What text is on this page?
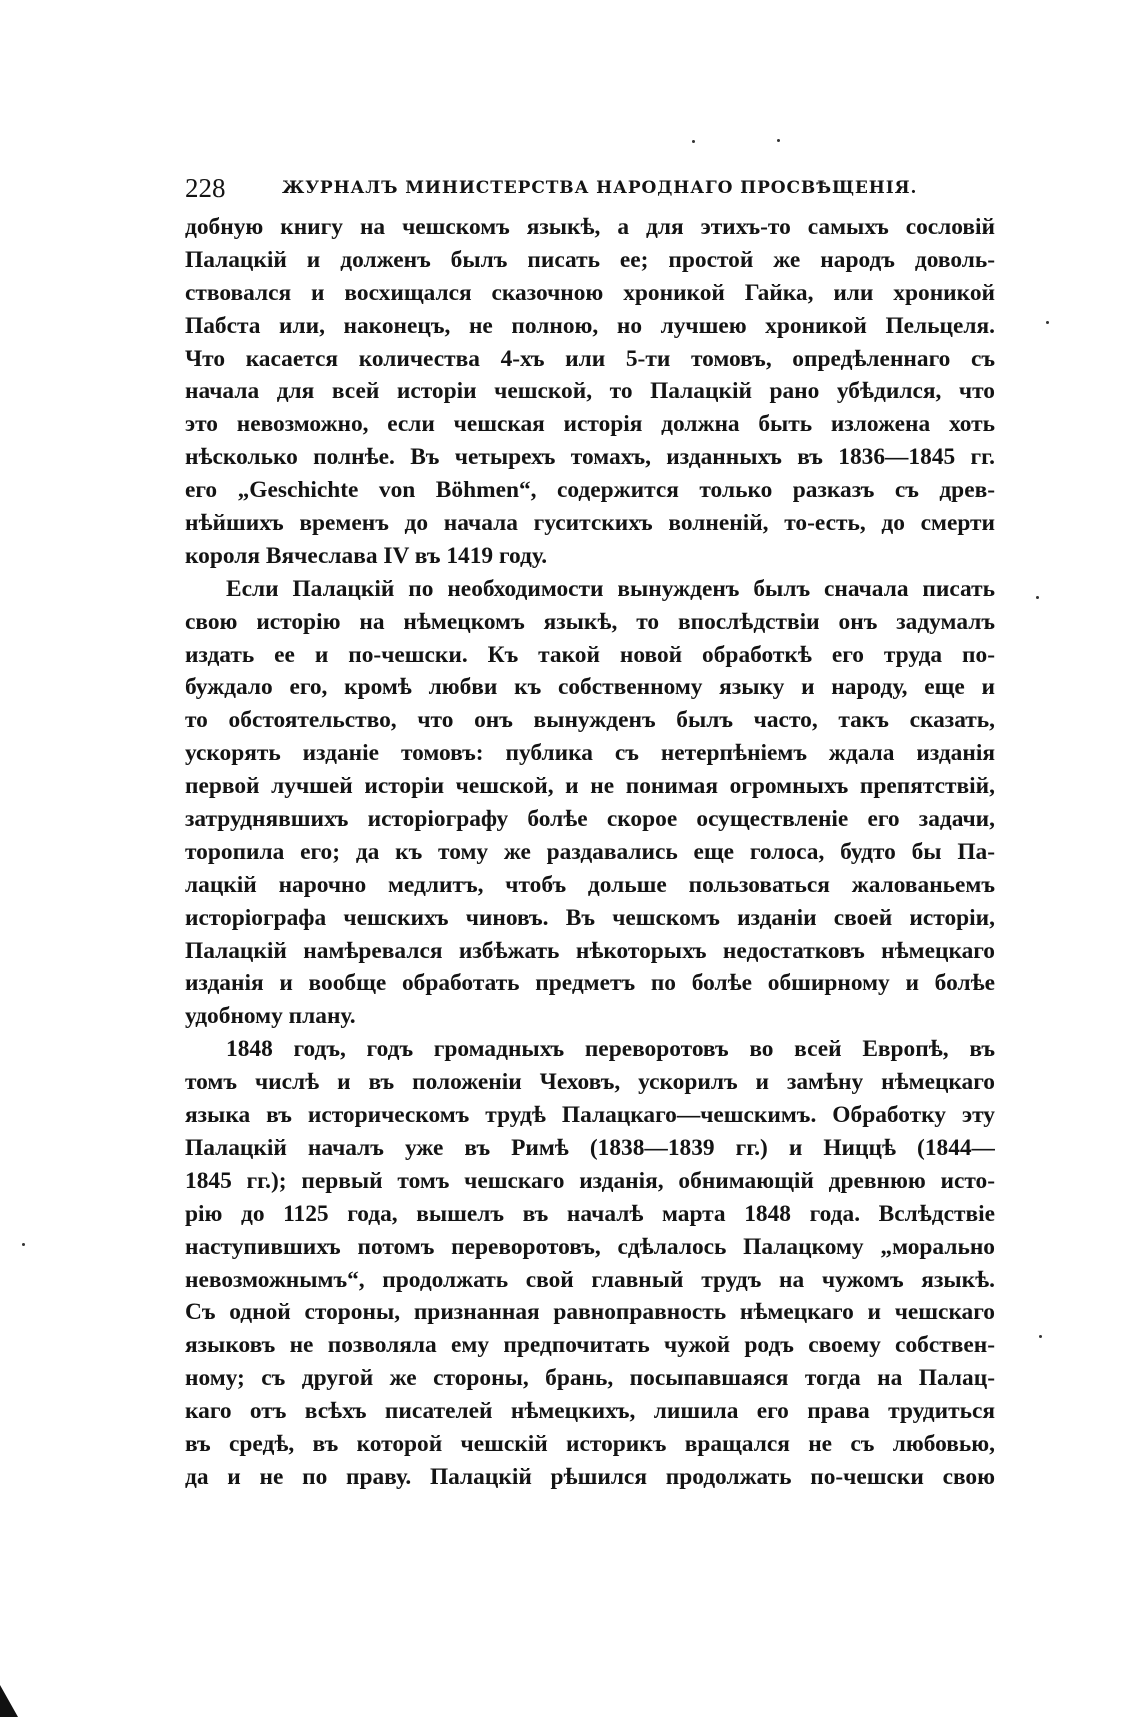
228	ЖУРНАЛЪ МИНИСТЕРСТВА НАРОДНАГО ПРОСВѢЩЕНІЯ.
добную книгу на чешскомъ языкѣ, а для этихъ-то самыхъ сословій
Палацкій и долженъ былъ писать ее; простой же народъ доволь-
ствовался и восхищался сказочною хроникой Гайка, или хроникой
Пабста или, наконецъ, не полною, но лучшею хроникой Пельцеля.
Что касается количества 4-хъ или 5-ти томовъ, опредѣленнаго съ
начала для всей исторіи чешской, то Палацкій рано убѣдился, что
это невозможно, если чешская исторія должна быть изложена хоть
нѣсколько полнѣе. Въ четырехъ томахъ, изданныхъ въ 1836—1845 гг.
его „Geschichte von Böhmen“, содержится только разказъ съ древ-
нѣйшихъ временъ до начала гуситскихъ волненій, то-есть, до смерти
короля Вячеслава IV въ 1419 году.
Если Палацкій по необходимости вынужденъ былъ сначала писать
свою исторію на нѣмецкомъ языкѣ, то впослѣдствіи онъ задумалъ
издать ее и по-чешски. Къ такой новой обработкѣ его труда по-
буждало его, кромѣ любви къ собственному языку и народу, еще и
то обстоятельство, что онъ вынужденъ былъ часто, такъ сказать,
ускорять изданіе томовъ: публика съ нетерпѣніемъ ждала изданія
первой лучшей исторіи чешской, и не понимая огромныхъ препятствій,
затруднявшихъ исторіографу болѣе скорое осуществленіе его задачи,
торопила его; да къ тому же раздавались еще голоса, будто бы Па-
лацкій нарочно медлитъ, чтобъ дольше пользоваться жалованьемъ
исторіографа чешскихъ чиновъ. Въ чешскомъ изданіи своей исторіи,
Палацкій намѣревался избѣжать нѣкоторыхъ недостатковъ нѣмецкаго
изданія и вообще обработать предметъ по болѣе обширному и болѣе
удобному плану.
1848 годъ, годъ громадныхъ переворотовъ во всей Европѣ, въ
томъ числѣ и въ положеніи Чеховъ, ускорилъ и замѣну нѣмецкаго
языка въ историческомъ трудѣ Палацкаго—чешскимъ. Обработку эту
Палацкій началъ уже въ Римѣ (1838—1839 гг.) и Ниццѣ (1844—
1845 гг.); первый томъ чешскаго изданія, обнимающій древнюю исто-
рію до 1125 года, вышелъ въ началѣ марта 1848 года. Вслѣдствіе
наступившихъ потомъ переворотовъ, сдѣлалось Палацкому „морально
невозможнымъ“, продолжать свой главный трудъ на чужомъ языкѣ.
Съ одной стороны, признанная равноправность нѣмецкаго и чешскаго
языковъ не позволяла ему предпочитать чужой родъ своему собствен-
ному; съ другой же стороны, брань, посыпавшаяся тогда на Палац-
каго отъ всѣхъ писателей нѣмецкихъ, лишила его права трудиться
въ средѣ, въ которой чешскій историкъ вращался не съ любовью,
да и не по праву. Палацкій рѣшился продолжать по-чешски свою
